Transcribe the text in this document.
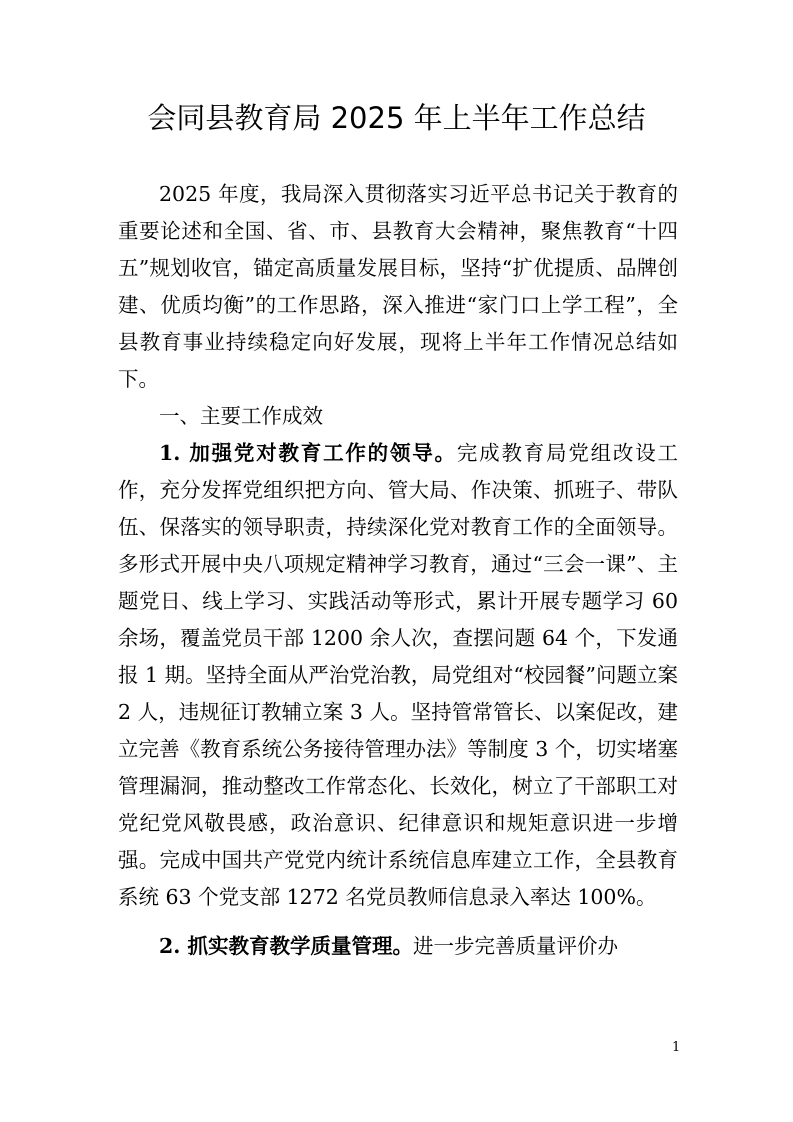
会同县教育局 2025 年上半年工作总结

2025 年度，我局深入贯彻落实习近平总书记关于教育的重要论述和全国、省、市、县教育大会精神，聚焦教育“十四五”规划收官，锚定高质量发展目标，坚持“扩优提质、品牌创建、优质均衡”的工作思路，深入推进“家门口上学工程”，全县教育事业持续稳定向好发展，现将上半年工作情况总结如下。

一、主要工作成效

1. 加强党对教育工作的领导。完成教育局党组改设工作，充分发挥党组织把方向、管大局、作决策、抓班子、带队伍、保落实的领导职责，持续深化党对教育工作的全面领导。多形式开展中央八项规定精神学习教育，通过“三会一课”、主题党日、线上学习、实践活动等形式，累计开展专题学习 60 余场，覆盖党员干部 1200 余人次，查摆问题 64 个，下发通报 1 期。坚持全面从严治党治教，局党组对“校园餐”问题立案 2 人，违规征订教辅立案 3 人。坚持管常管长、以案促改，建立完善《教育系统公务接待管理办法》等制度 3 个，切实堵塞管理漏洞，推动整改工作常态化、长效化，树立了干部职工对党纪党风敬畏感，政治意识、纪律意识和规矩意识进一步增强。完成中国共产党党内统计系统信息库建立工作，全县教育系统 63 个党支部 1272 名党员教师信息录入率达 100%。

2. 抓实教育教学质量管理。进一步完善质量评价办

1
